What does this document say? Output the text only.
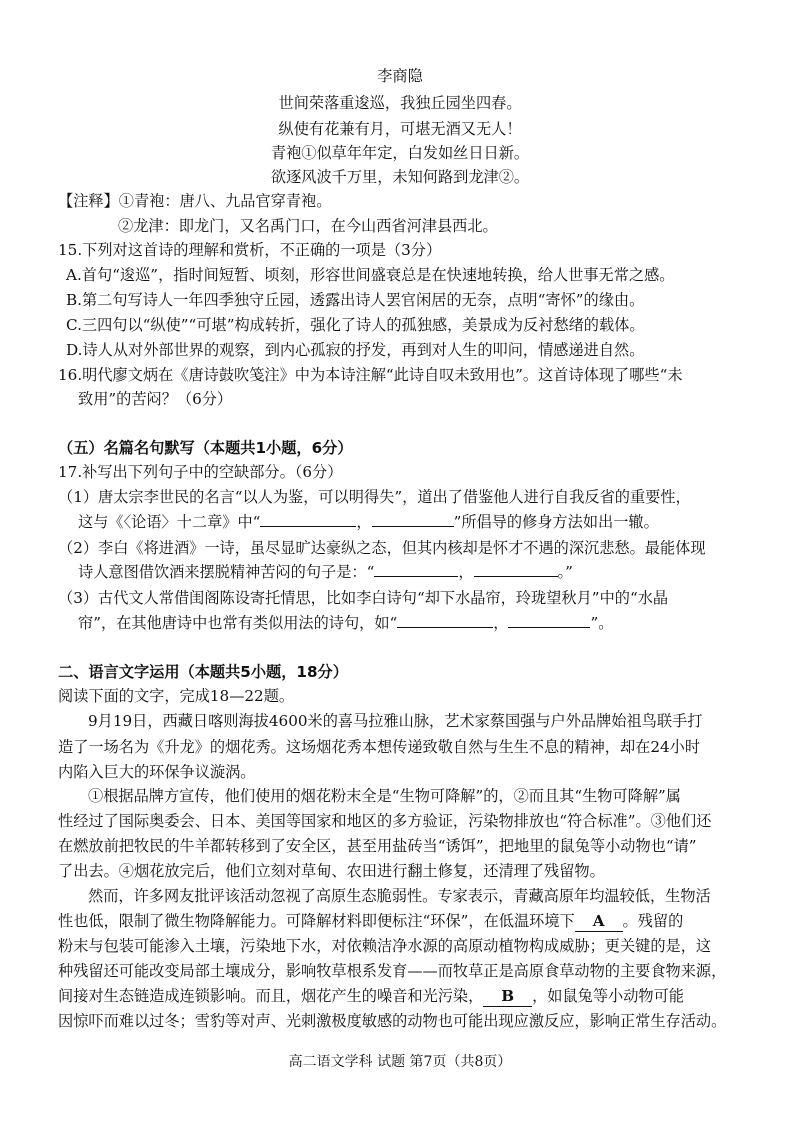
李商隐
世间荣落重逡巡，我独丘园坐四春。
纵使有花兼有月，可堪无酒又无人！
青袍①似草年年定，白发如丝日日新。
欲逐风波千万里，未知何路到龙津②。
【注释】①青袍：唐八、九品官穿青袍。
②龙津：即龙门，又名禹门口，在今山西省河津县西北。
15.下列对这首诗的理解和赏析，不正确的一项是（3分）
A.首句“逡巡”，指时间短暂、顷刻，形容世间盛衰总是在快速地转换，给人世事无常之感。
B.第二句写诗人一年四季独守丘园，透露出诗人罢官闲居的无奈，点明“寄怀”的缘由。
C.三四句以“纵使”“可堪”构成转折，强化了诗人的孤独感，美景成为反衬愁绪的载体。
D.诗人从对外部世界的观察，到内心孤寂的抒发，再到对人生的叩问，情感递进自然。
16.明代廖文炳在《唐诗鼓吹笺注》中为本诗注解“此诗自叹未致用也”。这首诗体现了哪些“未
致用”的苦闷？（6分）
（五）名篇名句默写（本题共1小题，6分）
17.补写出下列句子中的空缺部分。（6分）
（1）唐太宗李世民的名言“以人为鉴，可以明得失”，道出了借鉴他人进行自我反省的重要性，
这与《〈论语〉十二章》中“	，	”所倡导的修身方法如出一辙。
（2）李白《将进酒》一诗，虽尽显旷达豪纵之态，但其内核却是怀才不遇的深沉悲愁。最能体现
诗人意图借饮酒来摆脱精神苦闷的句子是：“	，	。”
（3）古代文人常借闺阁陈设寄托情思，比如李白诗句“却下水晶帘，玲珑望秋月”中的“水晶
帘”，在其他唐诗中也常有类似用法的诗句，如“	，	”。
二、语言文字运用（本题共5小题，18分）
阅读下面的文字，完成18—22题。
9月19日，西藏日喀则海拔4600米的喜马拉雅山脉，艺术家蔡国强与户外品牌始祖鸟联手打
造了一场名为《升龙》的烟花秀。这场烟花秀本想传递致敬自然与生生不息的精神，却在24小时
内陷入巨大的环保争议漩涡。
①根据品牌方宣传，他们使用的烟花粉末全是“生物可降解”的，②而且其“生物可降解”属
性经过了国际奥委会、日本、美国等国家和地区的多方验证，污染物排放也“符合标准”。③他们还
在燃放前把牧民的牛羊都转移到了安全区，甚至用盐砖当“诱饵”，把地里的鼠兔等小动物也“请”
了出去。④烟花放完后，他们立刻对草甸、农田进行翻土修复，还清理了残留物。
然而，许多网友批评该活动忽视了高原生态脆弱性。专家表示，青藏高原年均温较低，生物活
性也低，限制了微生物降解能力。可降解材料即便标注“环保”，在低温环境下 A 。残留的
粉末与包装可能渗入土壤，污染地下水，对依赖洁净水源的高原动植物构成威胁；更关键的是，这
种残留还可能改变局部土壤成分，影响牧草根系发育——而牧草正是高原食草动物的主要食物来源，
间接对生态链造成连锁影响。而且，烟花产生的噪音和光污染， B ，如鼠兔等小动物可能
因惊吓而难以过冬；雪豹等对声、光刺激极度敏感的动物也可能出现应激反应，影响正常生存活动。
高二语文学科 试题 第7页（共8页）
